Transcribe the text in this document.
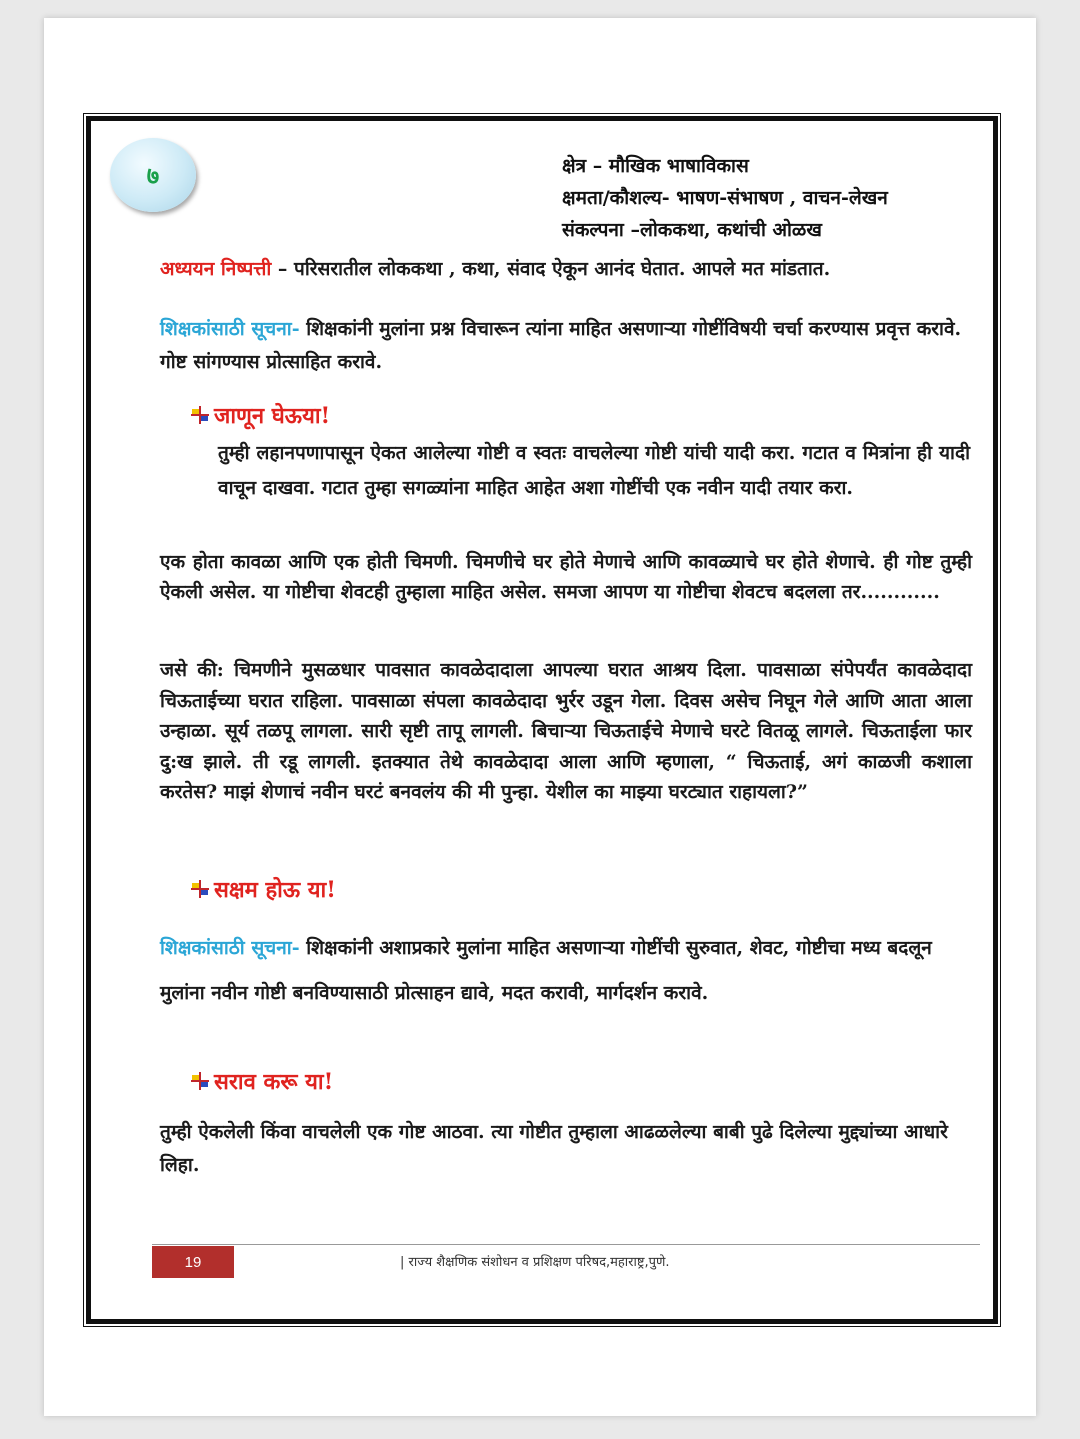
७	क्षेत्र – मौखिक भाषाविकास
क्षमता/कौशल्य- भाषण-संभाषण , वाचन-लेखन
संकल्पना –लोककथा, कथांची ओळख
अध्ययन निष्पत्ती – परिसरातील लोककथा , कथा, संवाद ऐकून आनंद घेतात. आपले मत मांडतात.
शिक्षकांसाठी सूचना- शिक्षकांनी मुलांना प्रश्न विचारून त्यांना माहित असणाऱ्या गोष्टींविषयी चर्चा करण्यास प्रवृत्त करावे. गोष्ट सांगण्यास प्रोत्साहित करावे.
जाणून घेऊया!
तुम्ही लहानपणापासून ऐकत आलेल्या गोष्टी व स्वतः वाचलेल्या गोष्टी यांची यादी करा. गटात व मित्रांना ही यादी वाचून दाखवा. गटात तुम्हा सगळ्यांना माहित आहेत अशा गोष्टींची एक नवीन यादी तयार करा.
एक होता कावळा आणि एक होती चिमणी. चिमणीचे घर होते मेणाचे आणि कावळ्याचे घर होते शेणाचे. ही गोष्ट तुम्ही ऐकली असेल. या गोष्टीचा शेवटही तुम्हाला माहित असेल. समजा आपण या गोष्टीचा शेवटच बदलला तर............
जसे की: चिमणीने मुसळधार पावसात कावळेदादाला आपल्या घरात आश्रय दिला. पावसाळा संपेपर्यंत कावळेदादा चिऊताईच्या घरात राहिला. पावसाळा संपला कावळेदादा भुर्रर उडून गेला. दिवस असेच निघून गेले आणि आता आला उन्हाळा. सूर्य तळपू लागला. सारी सृष्टी तापू लागली. बिचाऱ्या चिऊताईचे मेणाचे घरटे वितळू लागले. चिऊताईला फार दु:ख झाले. ती रडू लागली. इतक्यात तेथे कावळेदादा आला आणि म्हणाला, “ चिऊताई, अगं काळजी कशाला करतेस? माझं शेणाचं नवीन घरटं बनवलंय की मी पुन्हा. येशील का माझ्या घरट्यात राहायला?”
सक्षम होऊ या!
शिक्षकांसाठी सूचना- शिक्षकांनी अशाप्रकारे मुलांना माहित असणाऱ्या गोष्टींची सुरुवात, शेवट, गोष्टीचा मध्य बदलून मुलांना नवीन गोष्टी बनविण्यासाठी प्रोत्साहन द्यावे, मदत करावी, मार्गदर्शन करावे.
सराव करू या!
तुम्ही ऐकलेली किंवा वाचलेली एक गोष्ट आठवा. त्या गोष्टीत तुम्हाला आढळलेल्या बाबी पुढे दिलेल्या मुद्द्यांच्या आधारे लिहा.
19	| राज्य शैक्षणिक संशोधन व प्रशिक्षण परिषद,महाराष्ट्र,पुणे.
